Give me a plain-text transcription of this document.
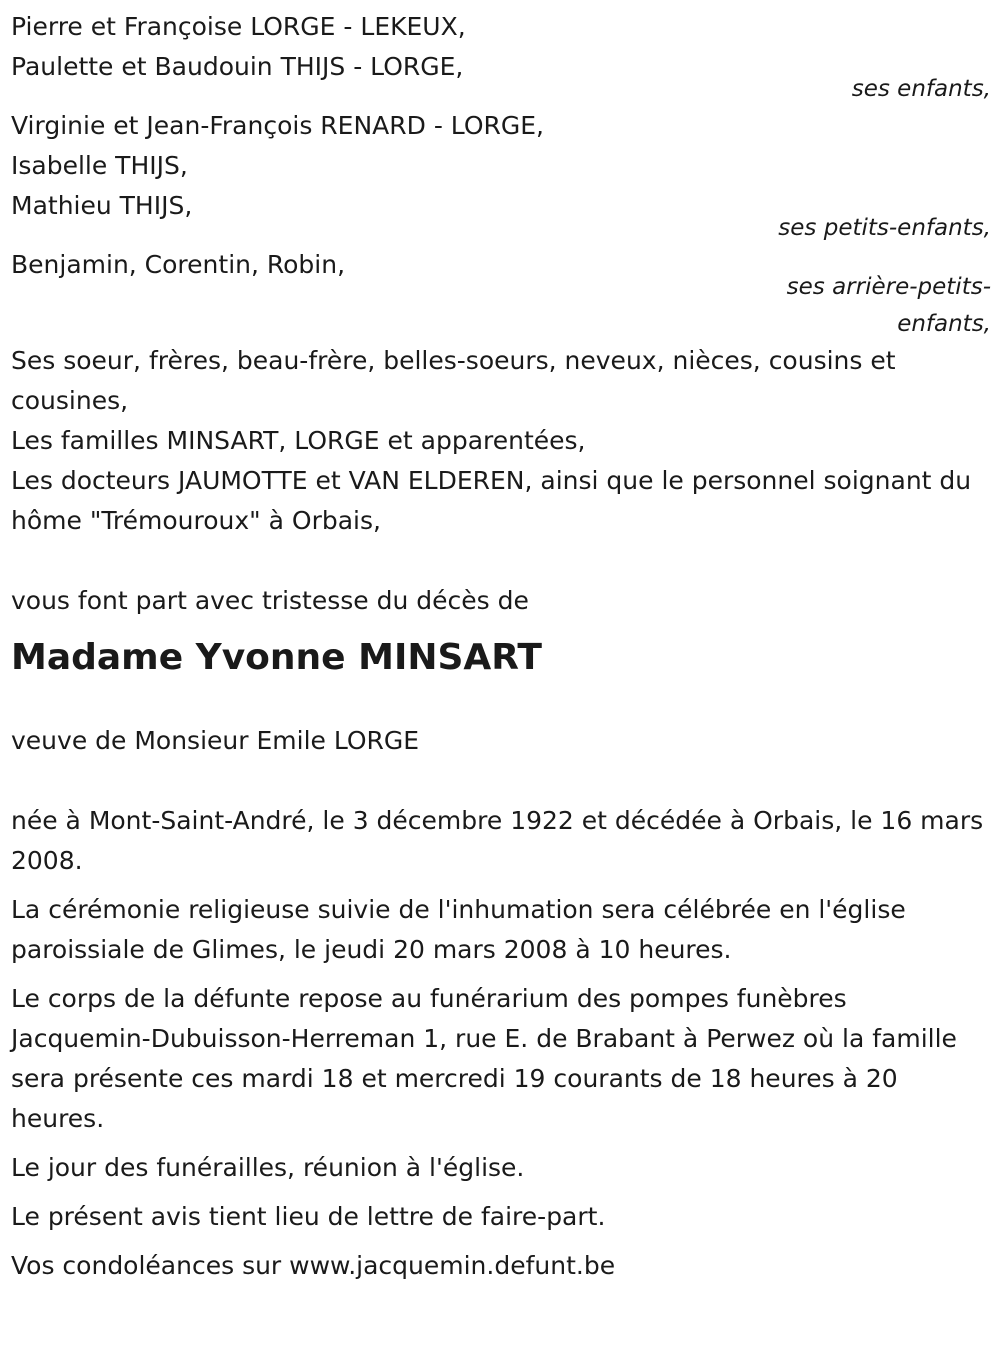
Pierre et Françoise LORGE - LEKEUX,
Paulette et Baudouin THIJS - LORGE,
ses enfants,
Virginie et Jean-François RENARD - LORGE,
Isabelle THIJS,
Mathieu THIJS,
ses petits-enfants,
Benjamin, Corentin, Robin,
ses arrière-petits-
enfants,
Ses soeur, frères, beau-frère, belles-soeurs, neveux, nièces, cousins et cousines,
Les familles MINSART, LORGE et apparentées,
Les docteurs JAUMOTTE et VAN ELDEREN, ainsi que le personnel soignant du hôme "Trémouroux" à Orbais,
vous font part avec tristesse du décès de
Madame Yvonne MINSART
veuve de Monsieur Emile LORGE
née à Mont-Saint-André, le 3 décembre 1922 et décédée à Orbais, le 16 mars 2008.
La cérémonie religieuse suivie de l'inhumation sera célébrée en l'église paroissiale de Glimes, le jeudi 20 mars 2008 à 10 heures.
Le corps de la défunte repose au funérarium des pompes funèbres Jacquemin-Dubuisson-Herreman 1, rue E. de Brabant à Perwez où la famille sera présente ces mardi 18 et mercredi 19 courants de 18 heures à 20 heures.
Le jour des funérailles, réunion à l'église.
Le présent avis tient lieu de lettre de faire-part.
Vos condoléances sur www.jacquemin.defunt.be
